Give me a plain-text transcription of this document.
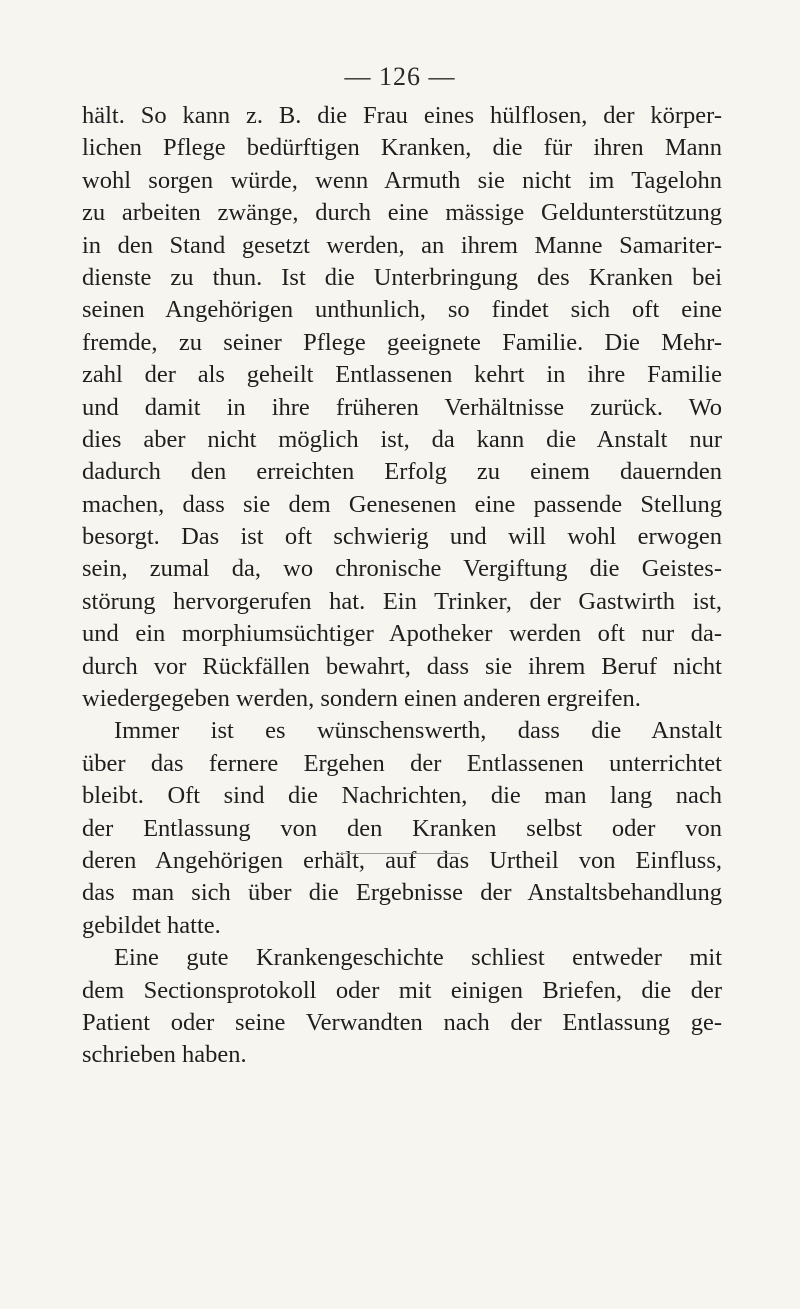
— 126 —
hält. So kann z. B. die Frau eines hülflosen, der körper-
lichen Pflege bedürftigen Kranken, die für ihren Mann
wohl sorgen würde, wenn Armuth sie nicht im Tagelohn
zu arbeiten zwänge, durch eine mässige Geldunterstützung
in den Stand gesetzt werden, an ihrem Manne Samariter-
dienste zu thun. Ist die Unterbringung des Kranken bei
seinen Angehörigen unthunlich, so findet sich oft eine
fremde, zu seiner Pflege geeignete Familie. Die Mehr-
zahl der als geheilt Entlassenen kehrt in ihre Familie
und damit in ihre früheren Verhältnisse zurück. Wo
dies aber nicht möglich ist, da kann die Anstalt nur
dadurch den erreichten Erfolg zu einem dauernden
machen, dass sie dem Genesenen eine passende Stellung
besorgt. Das ist oft schwierig und will wohl erwogen
sein, zumal da, wo chronische Vergiftung die Geistes-
störung hervorgerufen hat. Ein Trinker, der Gastwirth ist,
und ein morphiumsüchtiger Apotheker werden oft nur da-
durch vor Rückfällen bewahrt, dass sie ihrem Beruf nicht
wiedergegeben werden, sondern einen anderen ergreifen.
Immer ist es wünschenswerth, dass die Anstalt
über das fernere Ergehen der Entlassenen unterrichtet
bleibt. Oft sind die Nachrichten, die man lang nach
der Entlassung von den Kranken selbst oder von
deren Angehörigen erhält, auf das Urtheil von Einfluss,
das man sich über die Ergebnisse der Anstaltsbehandlung
gebildet hatte.
Eine gute Krankengeschichte schliest entweder mit
dem Sectionsprotokoll oder mit einigen Briefen, die der
Patient oder seine Verwandten nach der Entlassung ge-
schrieben haben.
